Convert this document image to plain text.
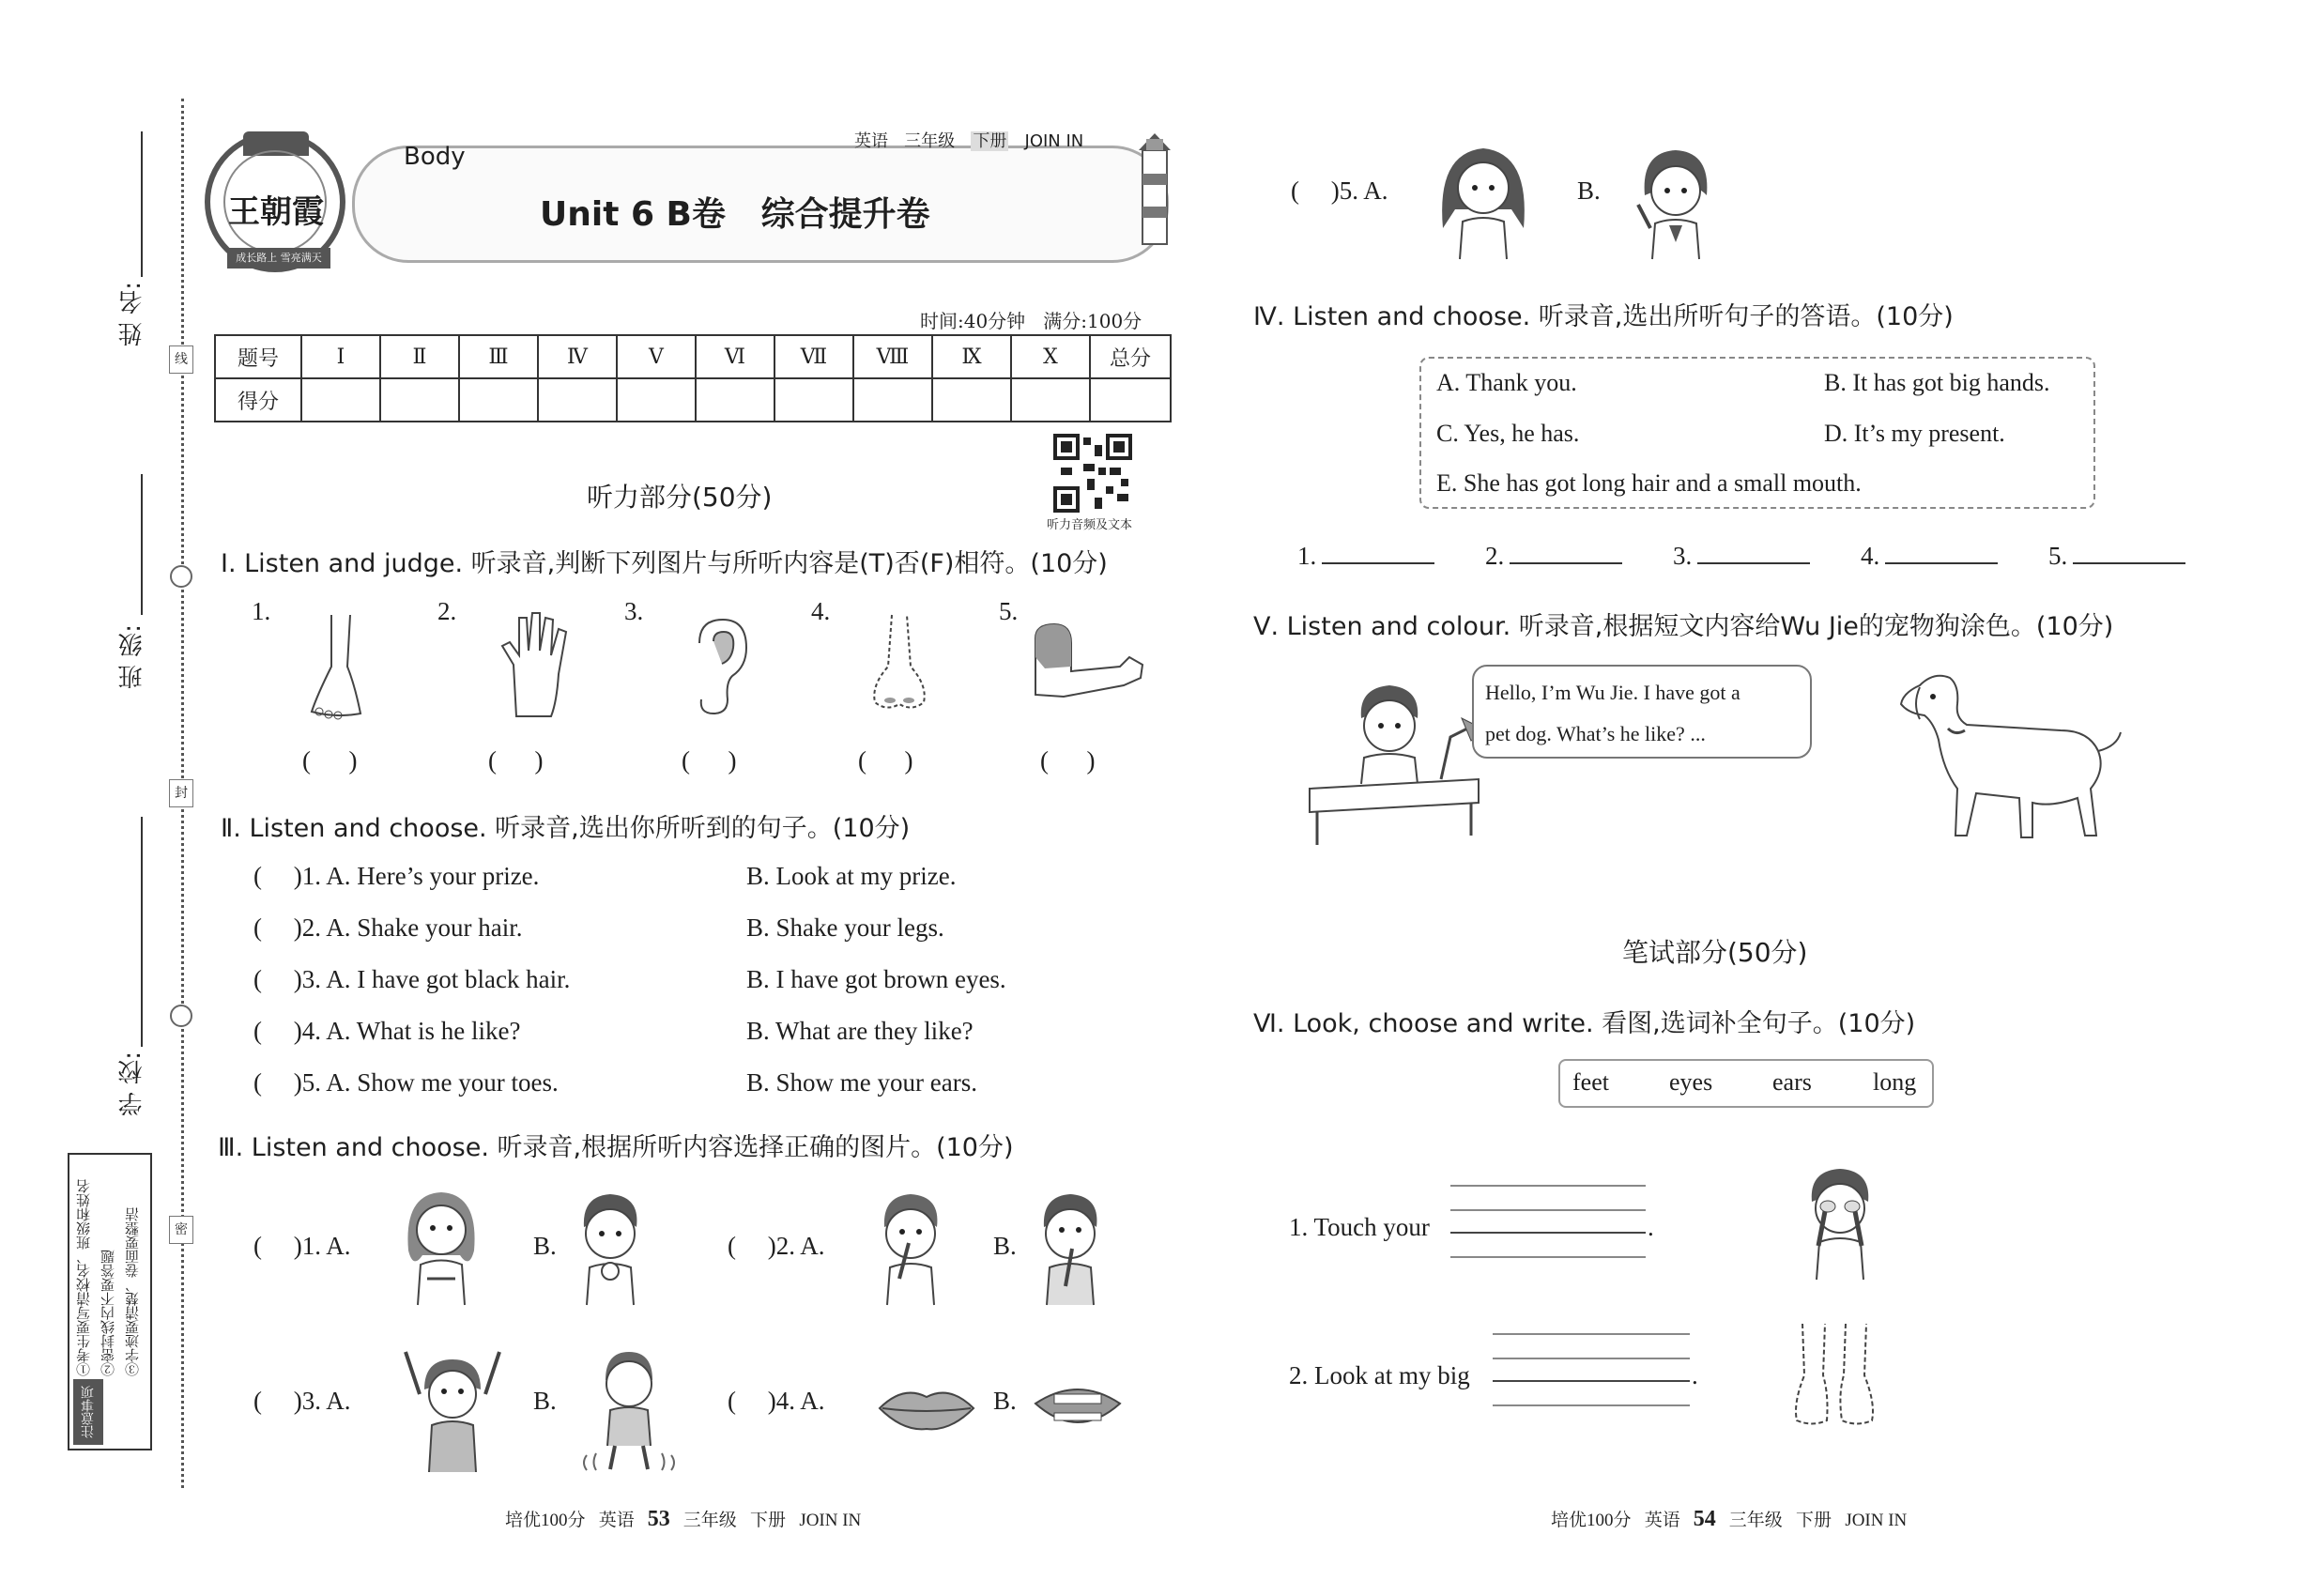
姓 名:
班 级:
学 校:
线
封
密
注意事项
①考生要写清校名、班级和姓名 ②密封线内不要答题 ③字迹要清楚、卷面要整洁
王朝霞
成长路上 雪亮满天
Body
英语 三年级 下册 JOIN IN
Unit 6 B卷   综合提升卷
时间:40分钟   满分:100分
题号	Ⅰ	Ⅱ	Ⅲ	Ⅳ	Ⅴ	Ⅵ	Ⅶ	Ⅷ	Ⅸ	Ⅹ	总分
得分											
听力部分(50分)
听力音频及文本
Ⅰ. Listen and judge. 听录音,判断下列图片与所听内容是(T)否(F)相符。(10分)
1.
(      )
2.
(      )
3.
(      )
4.
(      )
5.
(      )
Ⅱ. Listen and choose. 听录音,选出你所听到的句子。(10分)
(     )1. A. Here’s your prize.	B. Look at my prize.
(     )2. A. Shake your hair.	B. Shake your legs.
(     )3. A. I have got black hair.	B. I have got brown eyes.
(     )4. A. What is he like?	B. What are they like?
(     )5. A. Show me your toes.	B. Show me your ears.
Ⅲ. Listen and choose. 听录音,根据所听内容选择正确的图片。(10分)
(     )1. A.	B.	(     )2. A.	B.
(     )3. A.	B.	(     )4. A.	B.
培优100分 英语 53 三年级 下册 JOIN IN	培优100分 英语 54 三年级 下册 JOIN IN
(     )5. A.	B.
Ⅳ. Listen and choose. 听录音,选出所听句子的答语。(10分)
A. Thank you.	B. It has got big hands.
C. Yes, he has.	D. It’s my present.
E. She has got long hair and a small mouth.
1.	2.	3.	4.	5.
Ⅴ. Listen and colour. 听录音,根据短文内容给Wu Jie的宠物狗涂色。(10分)
Hello, I’m Wu Jie. I have got a
pet dog. What’s he like? ...
笔试部分(50分)
Ⅵ. Look, choose and write. 看图,选词补全句子。(10分)
feet eyes ears	long
1. Touch your	.
2. Look at my big	.
